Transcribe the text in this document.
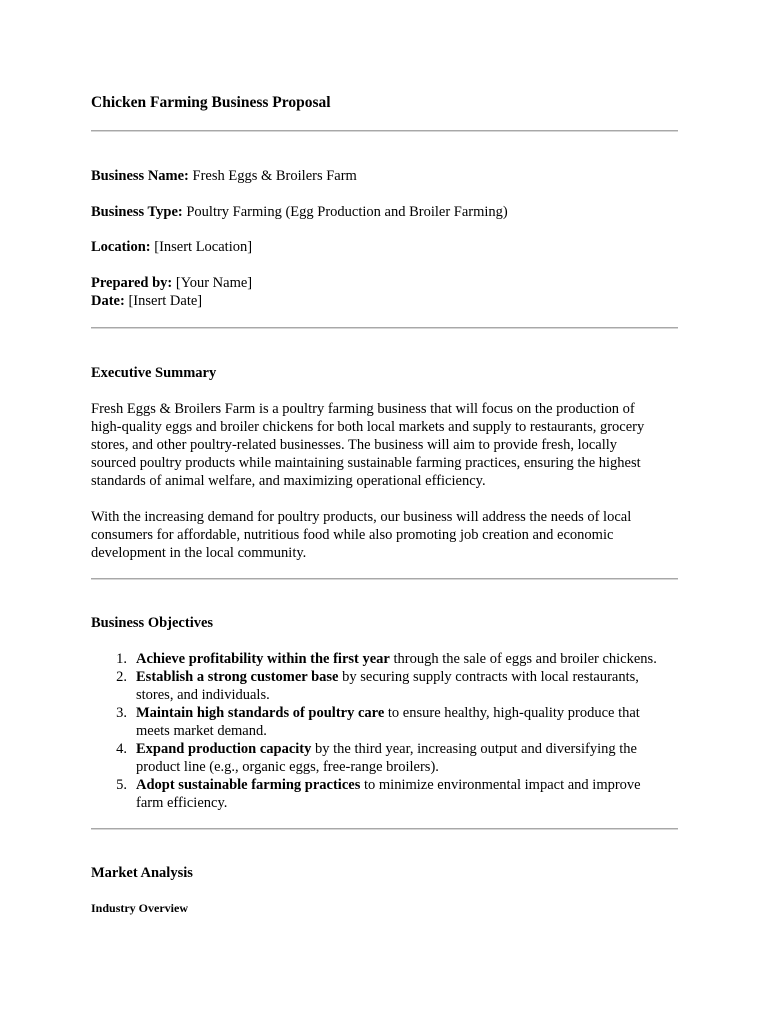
Chicken Farming Business Proposal

Business Name: Fresh Eggs & Broilers Farm

Business Type: Poultry Farming (Egg Production and Broiler Farming)

Location: [Insert Location]

Prepared by: [Your Name]

Date: [Insert Date]

Executive Summary
Fresh Eggs & Broilers Farm is a poultry farming business that will focus on the production of
high-quality eggs and broiler chickens for both local markets and supply to restaurants, grocery
stores, and other poultry-related businesses. The business will aim to provide fresh, locally
sourced poultry products while maintaining sustainable farming practices, ensuring the highest
standards of animal welfare, and maximizing operational efficiency.
With the increasing demand for poultry products, our business will address the needs of local
consumers for affordable, nutritious food while also promoting job creation and economic
development in the local community.
Business Objectives
1. Achieve profitability within the first year through the sale of eggs and broiler chickens.
2. Establish a strong customer base by securing supply contracts with local restaurants,
stores, and individuals.
3. Maintain high standards of poultry care to ensure healthy, high-quality produce that
meets market demand.
4. Expand production capacity by the third year, increasing output and diversifying the
product line (e.g., organic eggs, free-range broilers).
5. Adopt sustainable farming practices to minimize environmental impact and improve
farm efficiency.
Market Analysis
Industry Overview
